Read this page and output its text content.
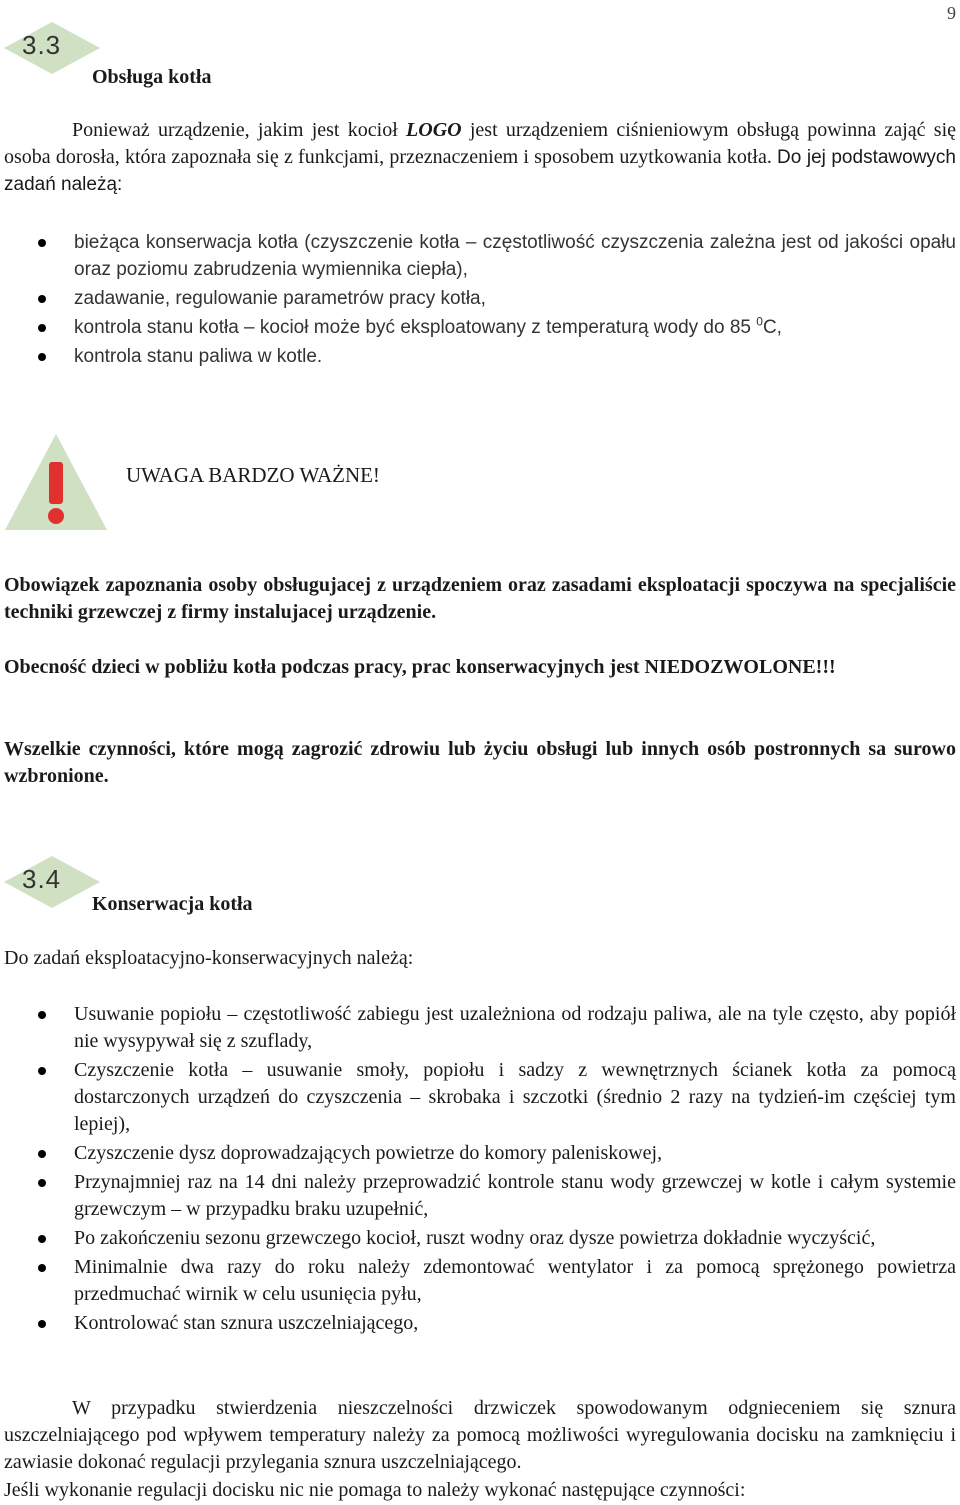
9
3.3
Obsługa kotła

Ponieważ urządzenie, jakim jest kocioł LOGO jest urządzeniem ciśnieniowym obsługą powinna zająć się osoba dorosła, która zapoznała się z funkcjami, przeznaczeniem i sposobem uzytkowania kotła. Do jej podstawowych zadań należą:

bieżąca konserwacja kotła (czyszczenie kotła – częstotliwość czyszczenia zależna jest od jakości opału oraz poziomu zabrudzenia wymiennika ciepła),
zadawanie, regulowanie parametrów pracy kotła,
kontrola stanu kotła – kocioł może być eksploatowany z temperaturą wody do 85 $^0$C,
kontrola stanu paliwa w kotle.
UWAGA BARDZO WAŻNE!

Obowiązek zapoznania osoby obsługujacej z urządzeniem oraz zasadami eksploatacji spoczywa na specjaliście techniki grzewczej z firmy instalujacej urządzenie.

Obecność dzieci w pobliżu kotła podczas pracy, prac konserwacyjnych jest NIEDOZWOLONE!!!

Wszelkie czynności, które mogą zagrozić zdrowiu lub życiu obsługi lub innych osób postronnych sa surowo wzbronione.

3.4
Konserwacja kotła

Do zadań eksploatacyjno-konserwacyjnych należą:

Usuwanie popiołu – częstotliwość zabiegu jest uzależniona od rodzaju paliwa, ale na tyle często, aby popiół nie wysypywał się z szuflady,
Czyszczenie kotła – usuwanie smoły, popiołu i sadzy z wewnętrznych ścianek kotła za pomocą dostarczonych urządzeń do czyszczenia – skrobaka i szczotki (średnio 2 razy na tydzień-im częściej tym lepiej),
Czyszczenie dysz doprowadzających powietrze do komory paleniskowej,
Przynajmniej raz na 14 dni należy przeprowadzić kontrole stanu wody grzewczej w kotle i całym systemie grzewczym – w przypadku braku uzupełnić,
Po zakończeniu sezonu grzewczego kocioł, ruszt wodny oraz dysze powietrza dokładnie wyczyścić,
Minimalnie dwa razy do roku należy zdemontować wentylator i za pomocą sprężonego powietrza przedmuchać wirnik w celu usunięcia pyłu,
Kontrolować stan sznura uszczelniającego,

W przypadku stwierdzenia nieszczelności drzwiczek spowodowanym odgnieceniem się sznura uszczelniającego pod wpływem temperatury należy za pomocą możliwości wyregulowania docisku na zamknięciu i zawiasie dokonać regulacji przylegania sznura uszczelniającego.

Jeśli wykonanie regulacji docisku nic nie pomaga to należy wykonać następujące czynności:
